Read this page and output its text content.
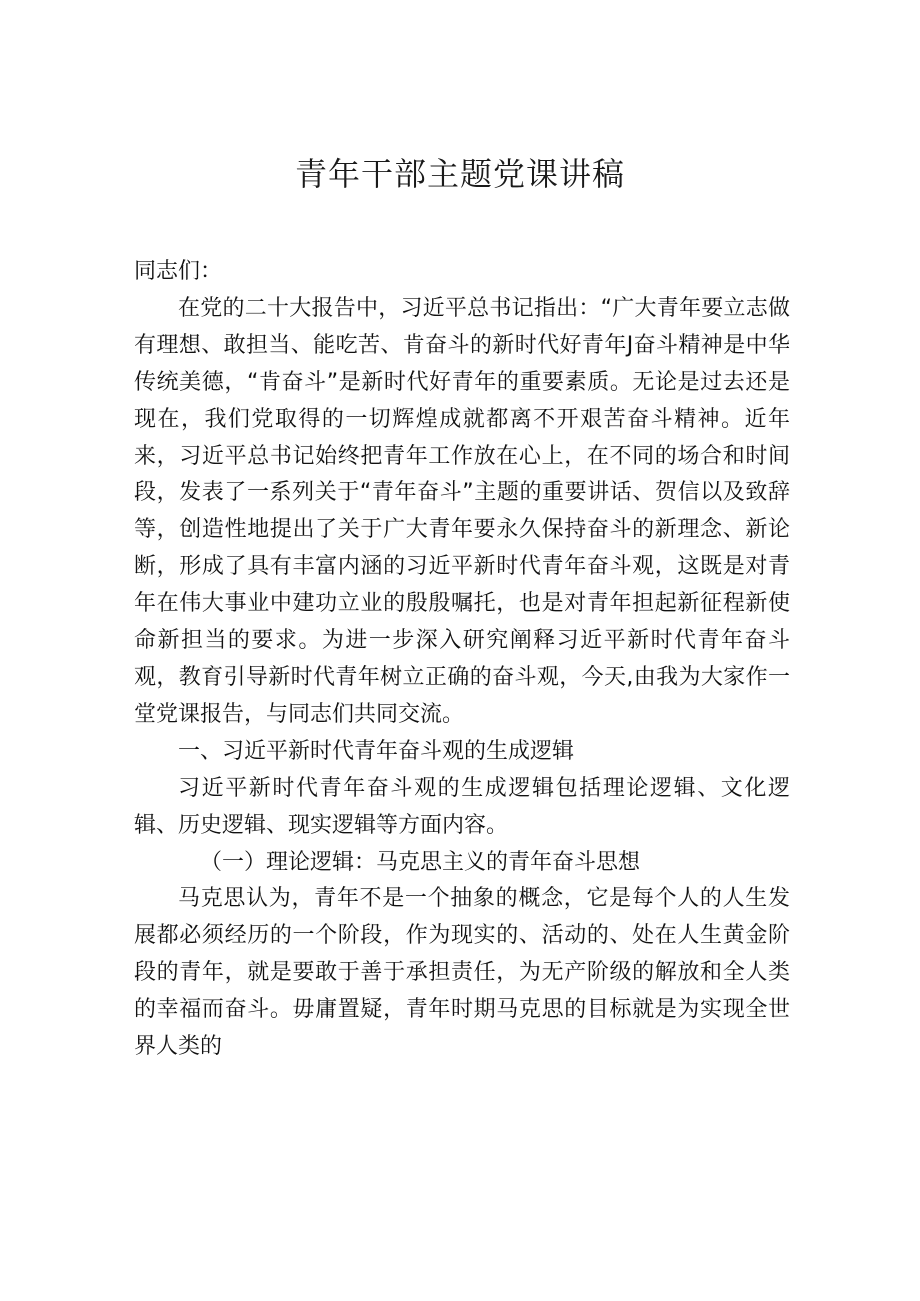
青年干部主题党课讲稿

同志们：

在党的二十大报告中，习近平总书记指出：“广大青年要立志做有理想、敢担当、能吃苦、肯奋斗的新时代好青年J奋斗精神是中华传统美德，“肯奋斗”是新时代好青年的重要素质。无论是过去还是现在，我们党取得的一切辉煌成就都离不开艰苦奋斗精神。近年来，习近平总书记始终把青年工作放在心上，在不同的场合和时间段，发表了一系列关于“青年奋斗”主题的重要讲话、贺信以及致辞等，创造性地提出了关于广大青年要永久保持奋斗的新理念、新论断，形成了具有丰富内涵的习近平新时代青年奋斗观，这既是对青年在伟大事业中建功立业的殷殷嘱托，也是对青年担起新征程新使命新担当的要求。为进一步深入研究阐释习近平新时代青年奋斗观，教育引导新时代青年树立正确的奋斗观，今天,由我为大家作一堂党课报告，与同志们共同交流。

一、习近平新时代青年奋斗观的生成逻辑

习近平新时代青年奋斗观的生成逻辑包括理论逻辑、文化逻辑、历史逻辑、现实逻辑等方面内容。

（一）理论逻辑：马克思主义的青年奋斗思想

马克思认为，青年不是一个抽象的概念，它是每个人的人生发展都必须经历的一个阶段，作为现实的、活动的、处在人生黄金阶段的青年，就是要敢于善于承担责任，为无产阶级的解放和全人类的幸福而奋斗。毋庸置疑，青年时期马克思的目标就是为实现全世界人类的
